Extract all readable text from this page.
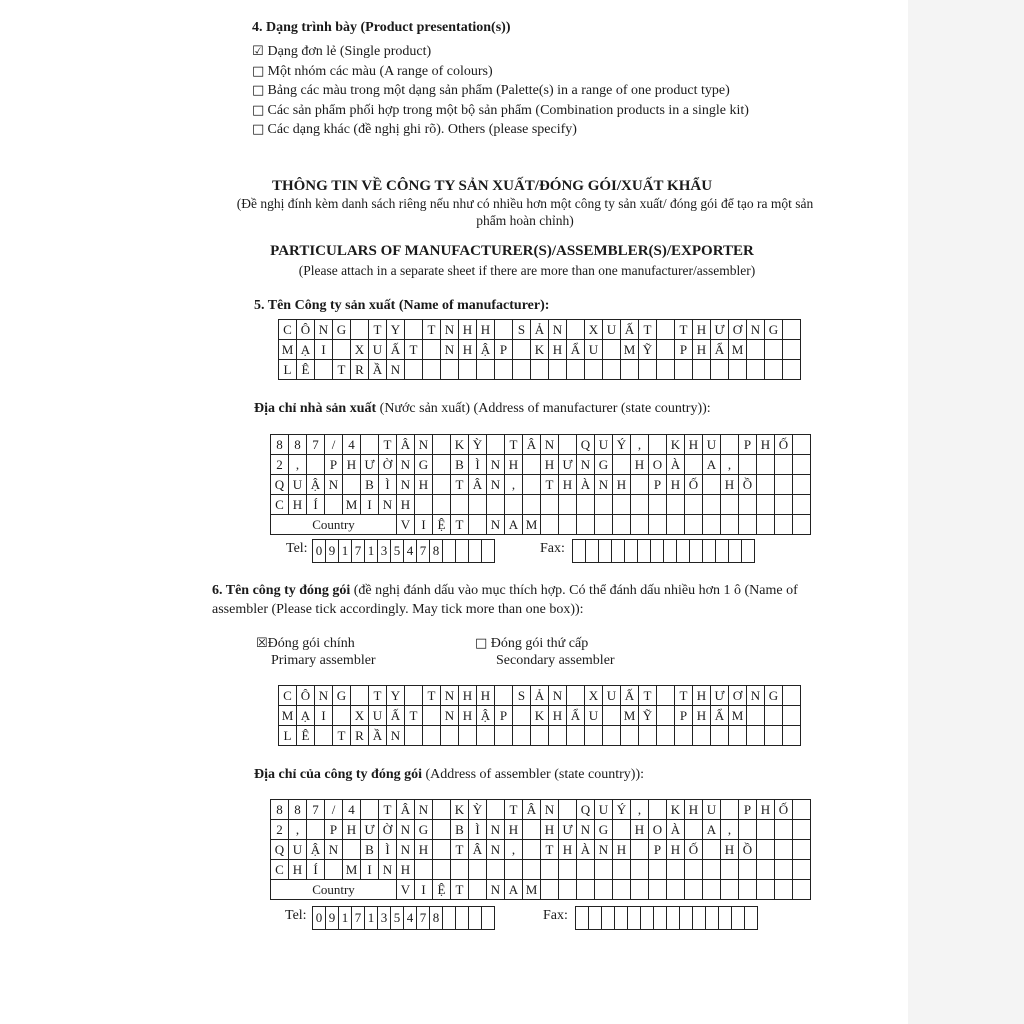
4. Dạng trình bày (Product presentation(s))
☑ Dạng đơn lẻ (Single product)
□ Một nhóm các màu (A range of colours)
□ Bảng các màu trong một dạng sản phẩm (Palette(s) in a range of one product type)
□ Các sản phẩm phối hợp trong một bộ sản phẩm (Combination products in a single kit)
□ Các dạng khác (đề nghị ghi rõ). Others (please specify)
THÔNG TIN VỀ CÔNG TY SẢN XUẤT/ĐÓNG GÓI/XUẤT KHẨU
(Đề nghị đính kèm danh sách riêng nếu như có nhiều hơn một công ty sản xuất/ đóng gói để tạo ra một sản
phẩm hoàn chỉnh)
PARTICULARS OF MANUFACTURER(S)/ASSEMBLER(S)/EXPORTER
(Please attach in a separate sheet if there are more than one manufacturer/assembler)
5. Tên Công ty sản xuất (Name of manufacturer):
C	Ô	N	G		T	Y		T	N	H	H		S	Ả	N		X	U	Ấ	T		T	H	Ư	Ơ	N	G	
M	Ạ	I		X	U	Ấ	T		N	H	Ậ	P		K	H	Ẩ	U		M	Ỹ		P	H	Ẩ	M			
L	Ê		T	R	Ầ	N																						
Địa chỉ nhà sản xuất (Nước sản xuất) (Address of manufacturer (state country)):
8	8	7	/	4		T	Â	N		K	Ỳ		T	Â	N		Q	U	Ý	,		K	H	U		P	H	Ố	
2	,		P	H	Ư	Ờ	N	G		B	Ì	N	H		H	Ư	N	G		H	O	À		A	,				
Q	U	Ậ	N		B	Ì	N	H		T	Â	N	,		T	H	À	N	H		P	H	Ố		H	Ồ			
C	H	Í		M	I	N	H																						
Country							V	I	Ệ	T		N	A	M															
Tel: 0	9	1	7	1	3	5	4	7	8					Fax:

6. Tên công ty đóng gói (đề nghị đánh dấu vào mục thích hợp. Có thể đánh dấu nhiều hơn 1 ô (Name of
assembler (Please tick accordingly. May tick more than one box)):
☒Đóng gói chính
Primary assembler
□ Đóng gói thứ cấp
Secondary assembler
C	Ô	N	G		T	Y		T	N	H	H		S	Ả	N		X	U	Ấ	T		T	H	Ư	Ơ	N	G	
M	Ạ	I		X	U	Ấ	T		N	H	Ậ	P		K	H	Ẩ	U		M	Ỹ		P	H	Ẩ	M			
L	Ê		T	R	Ầ	N																						
Địa chỉ của công ty đóng gói (Address of assembler (state country)):
8	8	7	/	4		T	Â	N		K	Ỳ		T	Â	N		Q	U	Ý	,		K	H	U		P	H	Ố	
2	,		P	H	Ư	Ờ	N	G		B	Ì	N	H		H	Ư	N	G		H	O	À		A	,				
Q	U	Ậ	N		B	Ì	N	H		T	Â	N	,		T	H	À	N	H		P	H	Ố		H	Ồ			
C	H	Í		M	I	N	H																						
Country							V	I	Ệ	T		N	A	M															
Tel: 0	9	1	7	1	3	5	4	7	8					Fax:
